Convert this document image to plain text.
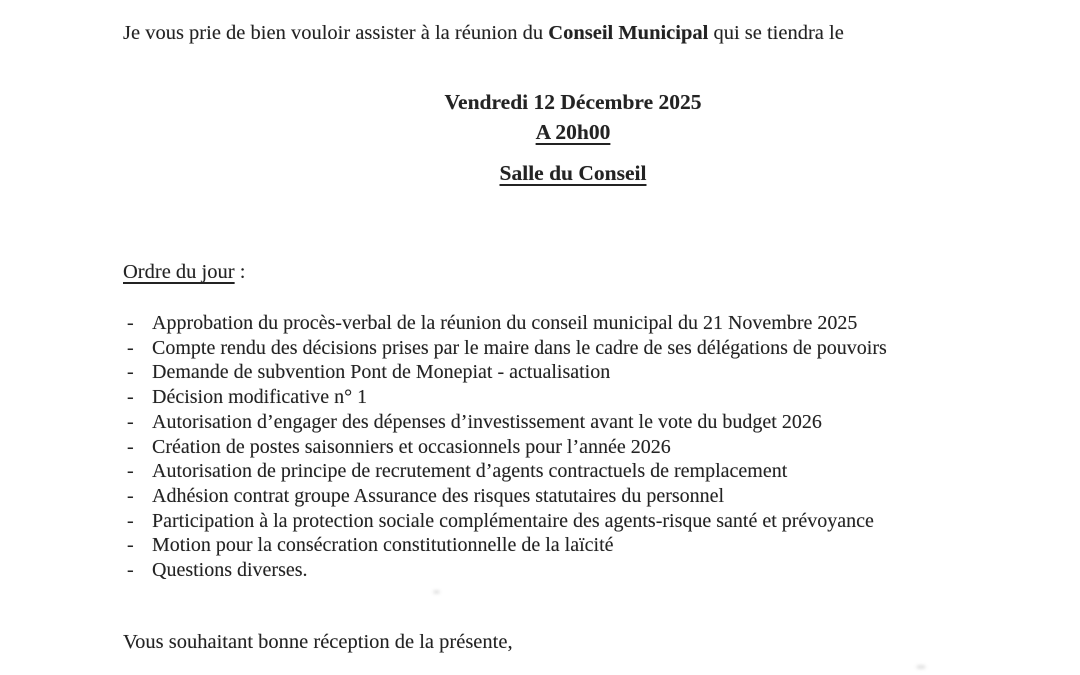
Je vous prie de bien vouloir assister à la réunion du Conseil Municipal qui se tiendra le

Vendredi 12 Décembre 2025
A 20h00
Salle du Conseil

Ordre du jour :

- Approbation du procès-verbal de la réunion du conseil municipal du 21 Novembre 2025
- Compte rendu des décisions prises par le maire dans le cadre de ses délégations de pouvoirs
- Demande de subvention Pont de Monepiat - actualisation
- Décision modificative n° 1
- Autorisation d’engager des dépenses d’investissement avant le vote du budget 2026
- Création de postes saisonniers et occasionnels pour l’année 2026
- Autorisation de principe de recrutement d’agents contractuels de remplacement
- Adhésion contrat groupe Assurance des risques statutaires du personnel
- Participation à la protection sociale complémentaire des agents-risque santé et prévoyance
- Motion pour la consécration constitutionnelle de la laïcité
- Questions diverses.

Vous souhaitant bonne réception de la présente,
